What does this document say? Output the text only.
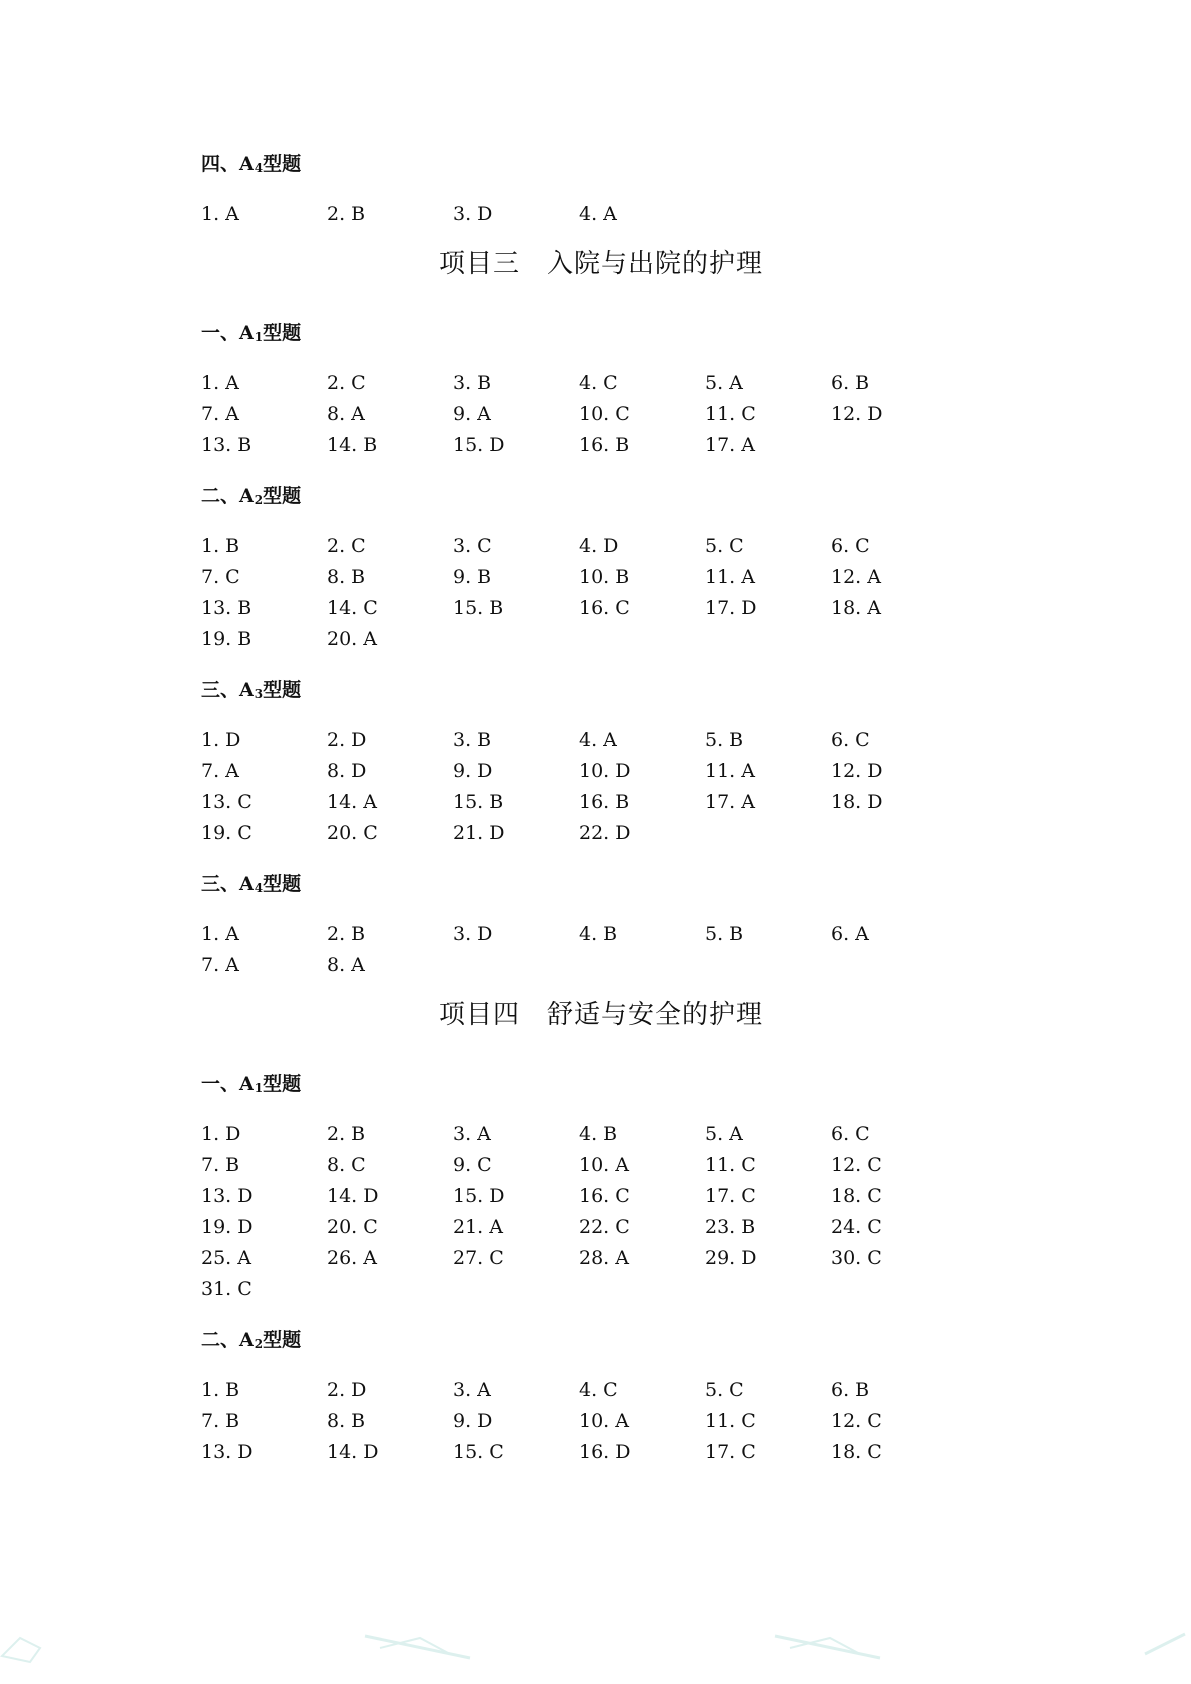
四、$A_4$型题
1. A	2. B	3. D	4. A
项目三　入院与出院的护理
一、$A_1$型题
1. A	2. C	3. B	4. C	5. A	6. B
7. A	8. A	9. A	10. C	11. C	12. D
13. B	14. B	15. D	16. B	17. A
二、$A_2$型题
1. B	2. C	3. C	4. D	5. C	6. C
7. C	8. B	9. B	10. B	11. A	12. A
13. B	14. C	15. B	16. C	17. D	18. A
19. B	20. A
三、$A_3$型题
1. D	2. D	3. B	4. A	5. B	6. C
7. A	8. D	9. D	10. D	11. A	12. D
13. C	14. A	15. B	16. B	17. A	18. D
19. C	20. C	21. D	22. D
三、$A_4$型题
1. A	2. B	3. D	4. B	5. B	6. A
7. A	8. A
项目四　舒适与安全的护理
一、$A_1$型题
1. D	2. B	3. A	4. B	5. A	6. C
7. B	8. C	9. C	10. A	11. C	12. C
13. D	14. D	15. D	16. C	17. C	18. C
19. D	20. C	21. A	22. C	23. B	24. C
25. A	26. A	27. C	28. A	29. D	30. C
31. C
二、$A_2$型题
1. B	2. D	3. A	4. C	5. C	6. B
7. B	8. B	9. D	10. A	11. C	12. C
13. D	14. D	15. C	16. D	17. C	18. C
